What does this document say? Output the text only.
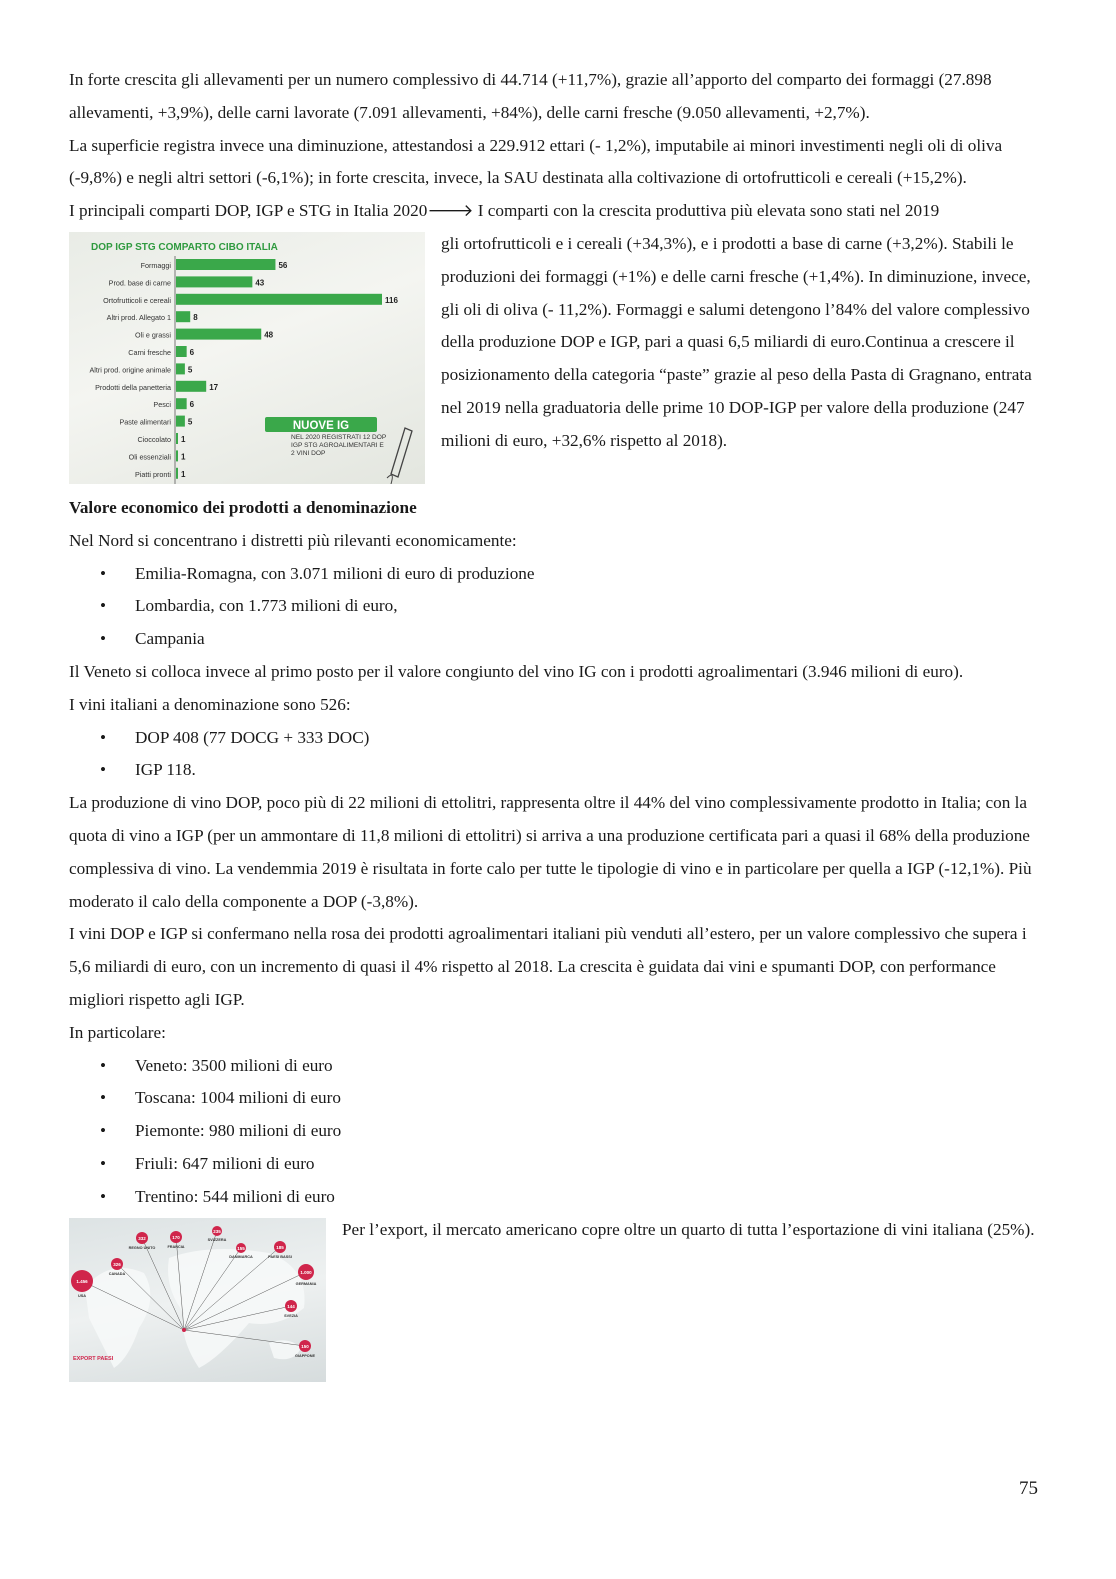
In forte crescita gli allevamenti per un numero complessivo di 44.714 (+11,7%), grazie all’apporto del comparto dei formaggi (27.898 allevamenti, +3,9%), delle carni lavorate (7.091 allevamenti, +84%), delle carni fresche (9.050 allevamenti, +2,7%).

La superficie registra invece una diminuzione, attestandosi a 229.912 ettari (- 1,2%), imputabile ai minori investimenti negli oli di oliva (-9,8%) e negli altri settori (-6,1%); in forte crescita, invece, la SAU destinata alla coltivazione di ortofrutticoli e cereali (+15,2%).

I principali comparti DOP, IGP e STG in Italia 2020🡒 I comparti con la crescita produttiva più elevata sono stati nel 2019

DOP IGP STG COMPARTO CIBO ITALIA
Formaggi	56
Prod. base di carne	43
Ortofrutticoli e cereali	116
Altri prod. Allegato 1	8
Oli e grassi	48
Carni fresche 6
Altri prod. origine animale 5
Prodotti della panetteria	17
Pesci 6
Paste alimentari 5
Cioccolato 1
Oli essenziali 1
Piatti pronti 1
NUOVE IG
NEL 2020 REGISTRATI 12 DOP IGP STG AGROALIMENTARI E 2 VINI DOP

gli ortofrutticoli e i cereali (+34,3%), e i prodotti a base di carne (+3,2%). Stabili le produzioni dei formaggi (+1%) e delle carni fresche (+1,4%). In diminuzione, invece, gli oli di oliva (- 11,2%). Formaggi e salumi detengono l’84% del valore complessivo della produzione DOP e IGP, pari a quasi 6,5 miliardi di euro.Continua a crescere il posizionamento della categoria “paste” grazie al peso della Pasta di Gragnano, entrata nel 2019 nella graduatoria delle prime 10 DOP-IGP per valore della produzione (247 milioni di euro, +32,6% rispetto al 2018).

Valore economico dei prodotti a denominazione

Nel Nord si concentrano i distretti più rilevanti economicamente:

• Emilia-Romagna, con 3.071 milioni di euro di produzione
• Lombardia, con 1.773 milioni di euro,
• Campania

Il Veneto si colloca invece al primo posto per il valore congiunto del vino IG con i prodotti agroalimentari (3.946 milioni di euro).

I vini italiani a denominazione sono 526:

• DOP 408 (77 DOCG + 333 DOC)
• IGP 118.

La produzione di vino DOP, poco più di 22 milioni di ettolitri, rappresenta oltre il 44% del vino complessivamente prodotto in Italia; con la quota di vino a IGP (per un ammontare di 11,8 milioni di ettolitri) si arriva a una produzione certificata pari a quasi il 68% della produzione complessiva di vino. La vendemmia 2019 è risultata in forte calo per tutte le tipologie di vino e in particolare per quella a IGP (-12,1%). Più moderato il calo della componente a DOP (-3,8%).

I vini DOP e IGP si confermano nella rosa dei prodotti agroalimentari italiani più venduti all’estero, per un valore complessivo che supera i 5,6 miliardi di euro, con un incremento di quasi il 4% rispetto al 2018. La crescita è guidata dai vini e spumanti DOP, con performance migliori rispetto agli IGP.

In particolare:

• Veneto: 3500 milioni di euro
• Toscana: 1004 milioni di euro
• Piemonte: 980 milioni di euro
• Friuli: 647 milioni di euro
• Trentino: 544 milioni di euro
1.456
USA
326
CANADA
332
REGNO UNITO
170
FRANCIA
235
SVIZZERA
155
DANIMARCA
185
PAESI BASSI
1.000
GERMANIA
144
SVEZIA
150
GIAPPONE
EXPORT PAESI

Per l’export, il mercato americano copre oltre un quarto di tutta l’esportazione di vini italiana (25%).

75
